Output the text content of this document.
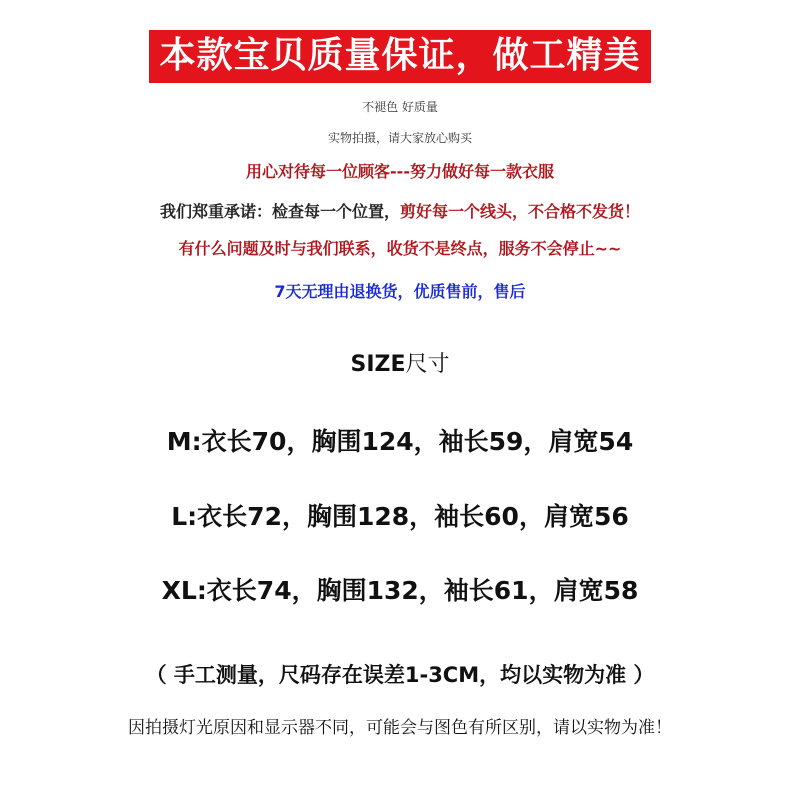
本款宝贝质量保证，做工精美
不褪色 好质量
实物拍摄，请大家放心购买
用心对待每一位顾客---努力做好每一款衣服
我们郑重承诺：检查每一个位置，剪好每一个线头，不合格不发货！
有什么问题及时与我们联系，收货不是终点，服务不会停止~~
7天无理由退换货，优质售前，售后
SIZE尺寸
M:衣长70，胸围124，袖长59，肩宽54
L:衣长72，胸围128，袖长60，肩宽56
XL:衣长74，胸围132，袖长61，肩宽58
（ 手工测量，尺码存在误差1-3CM，均以实物为准 ）
因拍摄灯光原因和显示器不同，可能会与图色有所区别，请以实物为准！
